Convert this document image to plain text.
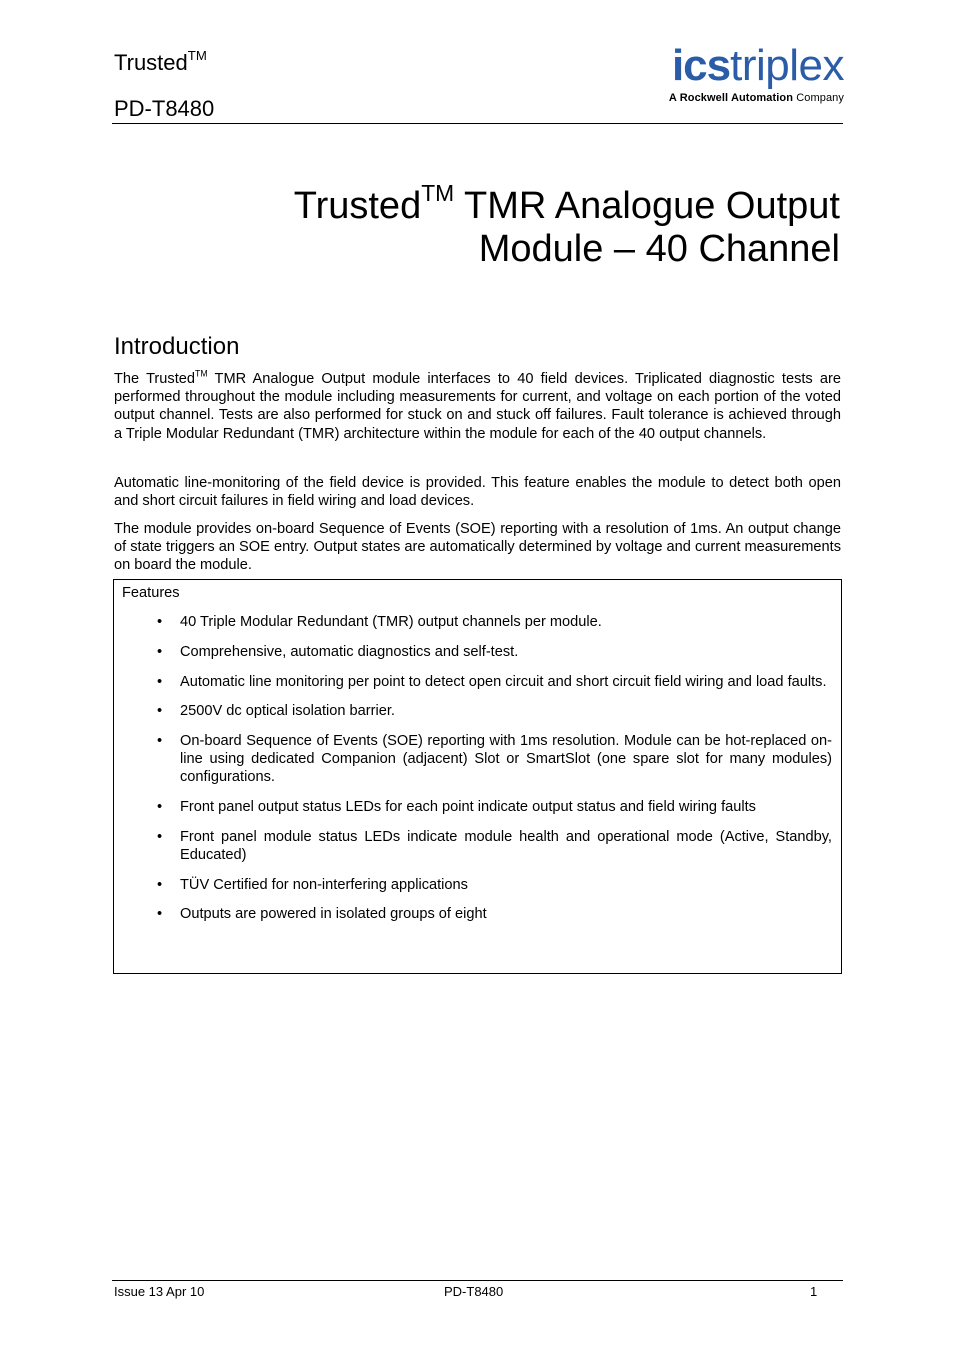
Trusted™
PD-T8480
icstriplex
A Rockwell Automation Company
Trusted™ TMR Analogue Output
Module – 40 Channel
Introduction
The Trusted™ TMR Analogue Output module interfaces to 40 field devices. Triplicated diagnostic tests are performed throughout the module including measurements for current, and voltage on each portion of the voted output channel. Tests are also performed for stuck on and stuck off failures. Fault tolerance is achieved through a Triple Modular Redundant (TMR) architecture within the module for each of the 40 output channels.
Automatic line-monitoring of the field device is provided. This feature enables the module to detect both open and short circuit failures in field wiring and load devices.
The module provides on-board Sequence of Events (SOE) reporting with a resolution of 1ms. An output change of state triggers an SOE entry. Output states are automatically determined by voltage and current measurements on board the module.
Features
• 40 Triple Modular Redundant (TMR) output channels per module.
• Comprehensive, automatic diagnostics and self-test.
• Automatic line monitoring per point to detect open circuit and short circuit field wiring and load faults.
• 2500V dc optical isolation barrier.
• On-board Sequence of Events (SOE) reporting with 1ms resolution. Module can be hot-replaced on-line using dedicated Companion (adjacent) Slot or SmartSlot (one spare slot for many modules) configurations.
• Front panel output status LEDs for each point indicate output status and field wiring faults
• Front panel module status LEDs indicate module health and operational mode (Active, Standby, Educated)
• TÜV Certified for non-interfering applications
• Outputs are powered in isolated groups of eight
Issue 13 Apr 10	PD-T8480	1
